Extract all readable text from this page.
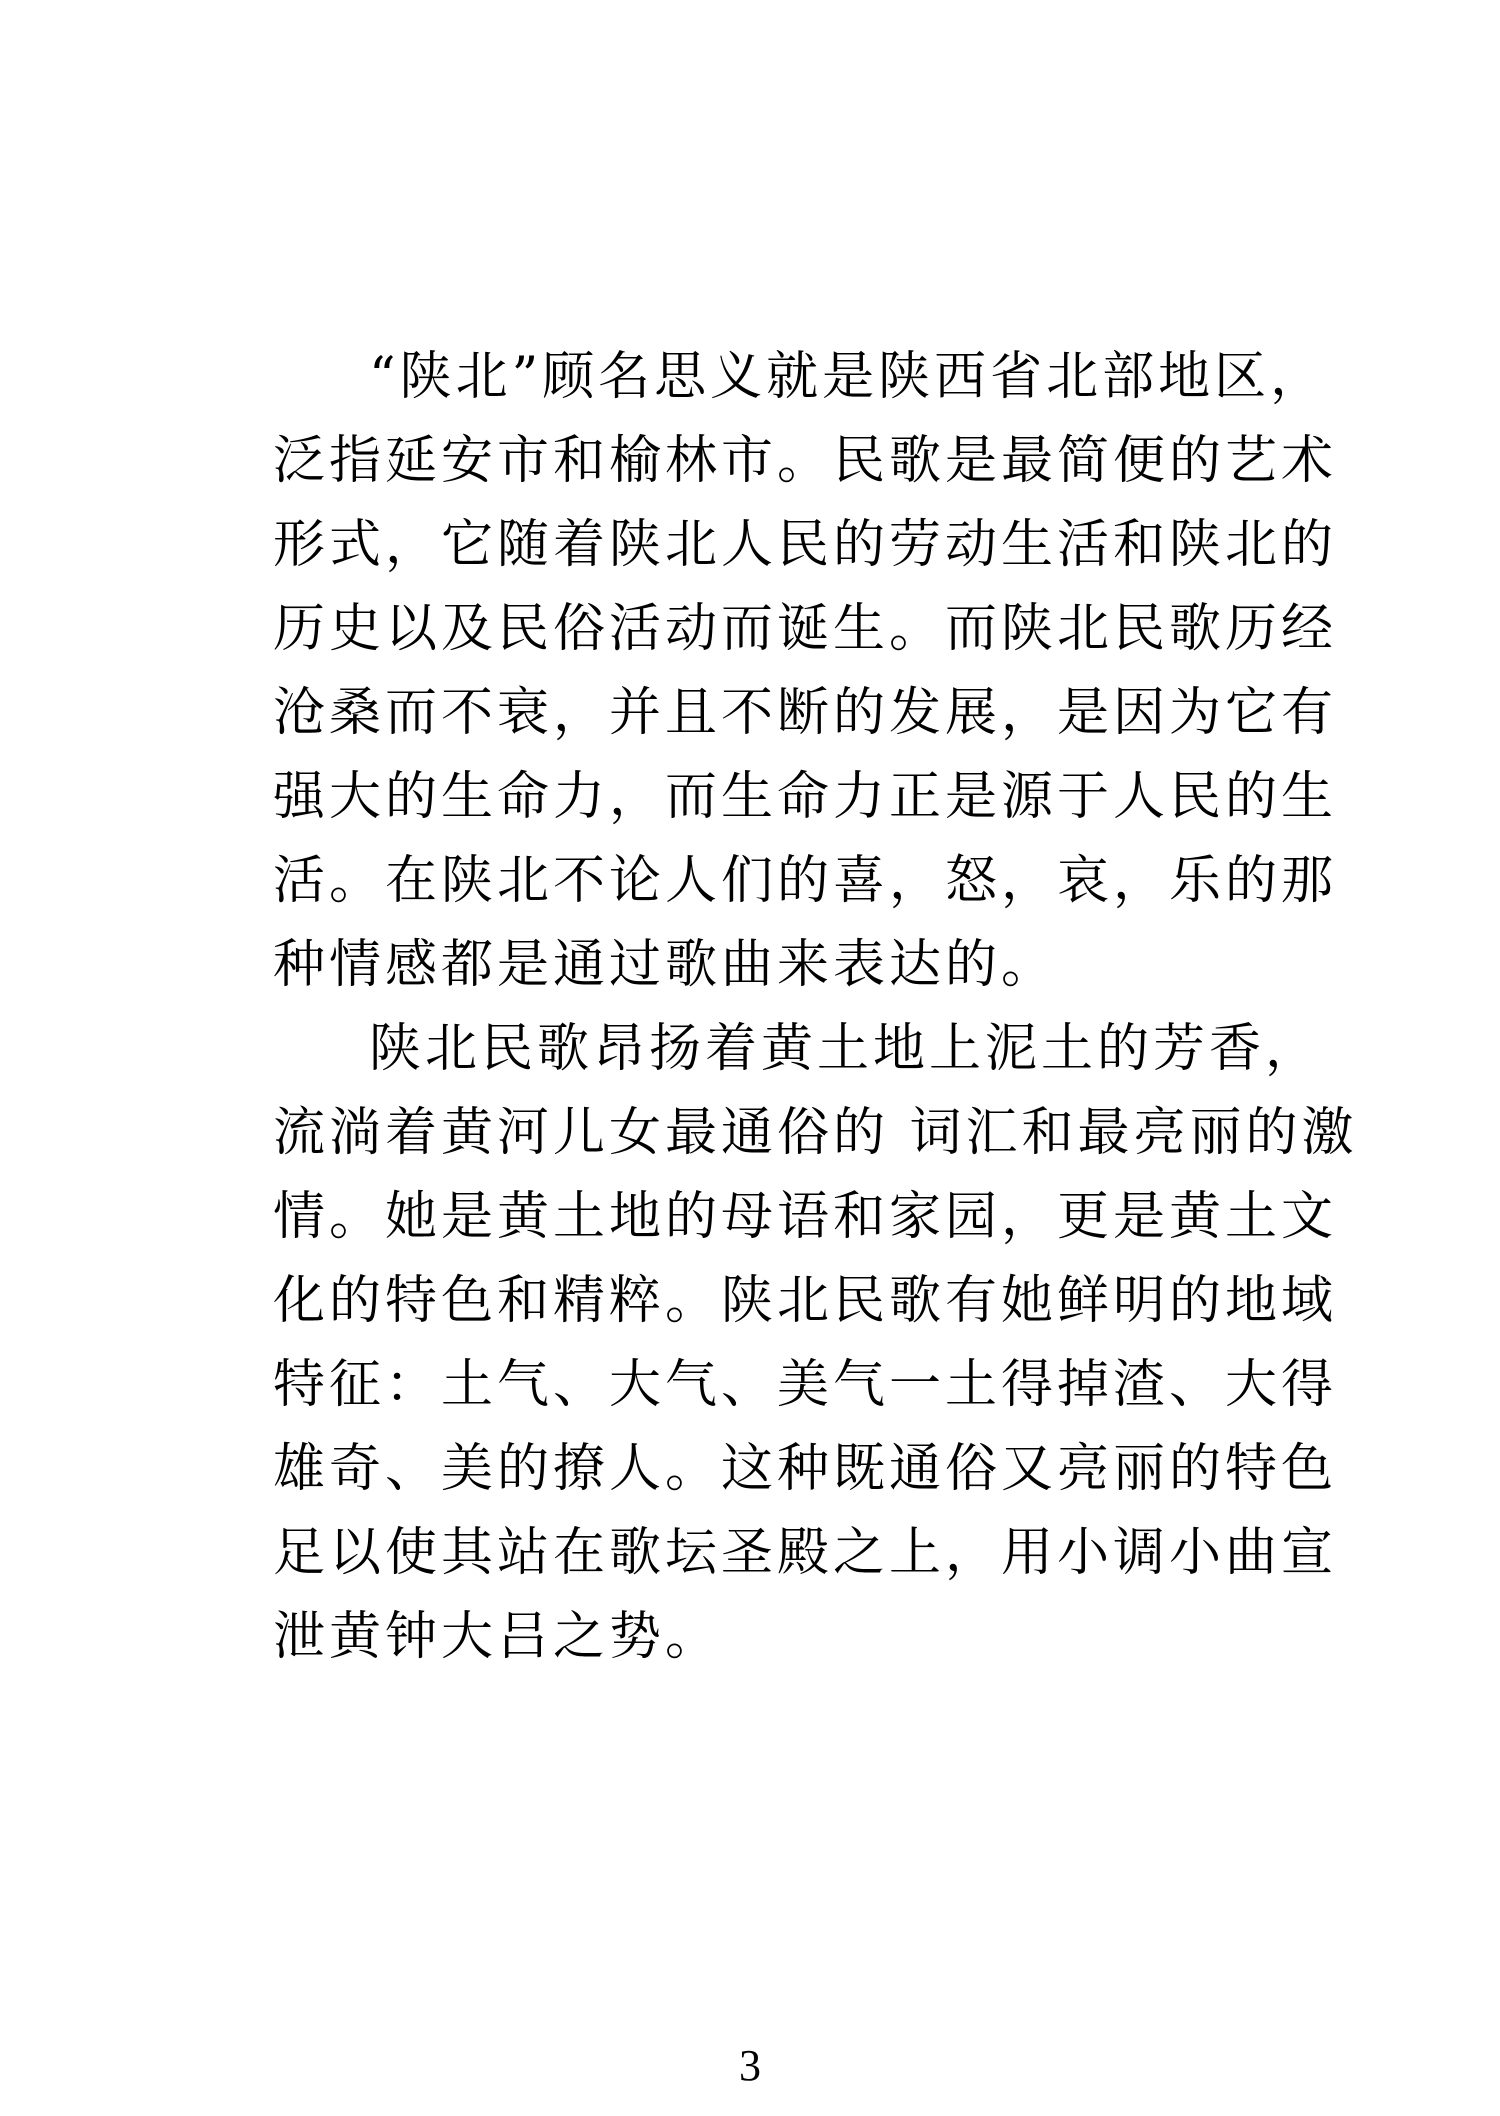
“陕北”顾名思义就是陕西省北部地区，
泛指延安市和榆林市。民歌是最简便的艺术
形式，它随着陕北人民的劳动生活和陕北的
历史以及民俗活动而诞生。而陕北民歌历经
沧桑而不衰，并且不断的发展，是因为它有
强大的生命力，而生命力正是源于人民的生
活。在陕北不论人们的喜，怒，哀，乐的那
种情感都是通过歌曲来表达的。
陕北民歌昂扬着黄土地上泥土的芳香，
流淌着黄河儿女最通俗的 词汇和最亮丽的激
情。她是黄土地的母语和家园，更是黄土文
化的特色和精粹。陕北民歌有她鲜明的地域
特征：土气、大气、美气一土得掉渣、大得
雄奇、美的撩人。这种既通俗又亮丽的特色
足以使其站在歌坛圣殿之上，用小调小曲宣
泄黄钟大吕之势。
3
